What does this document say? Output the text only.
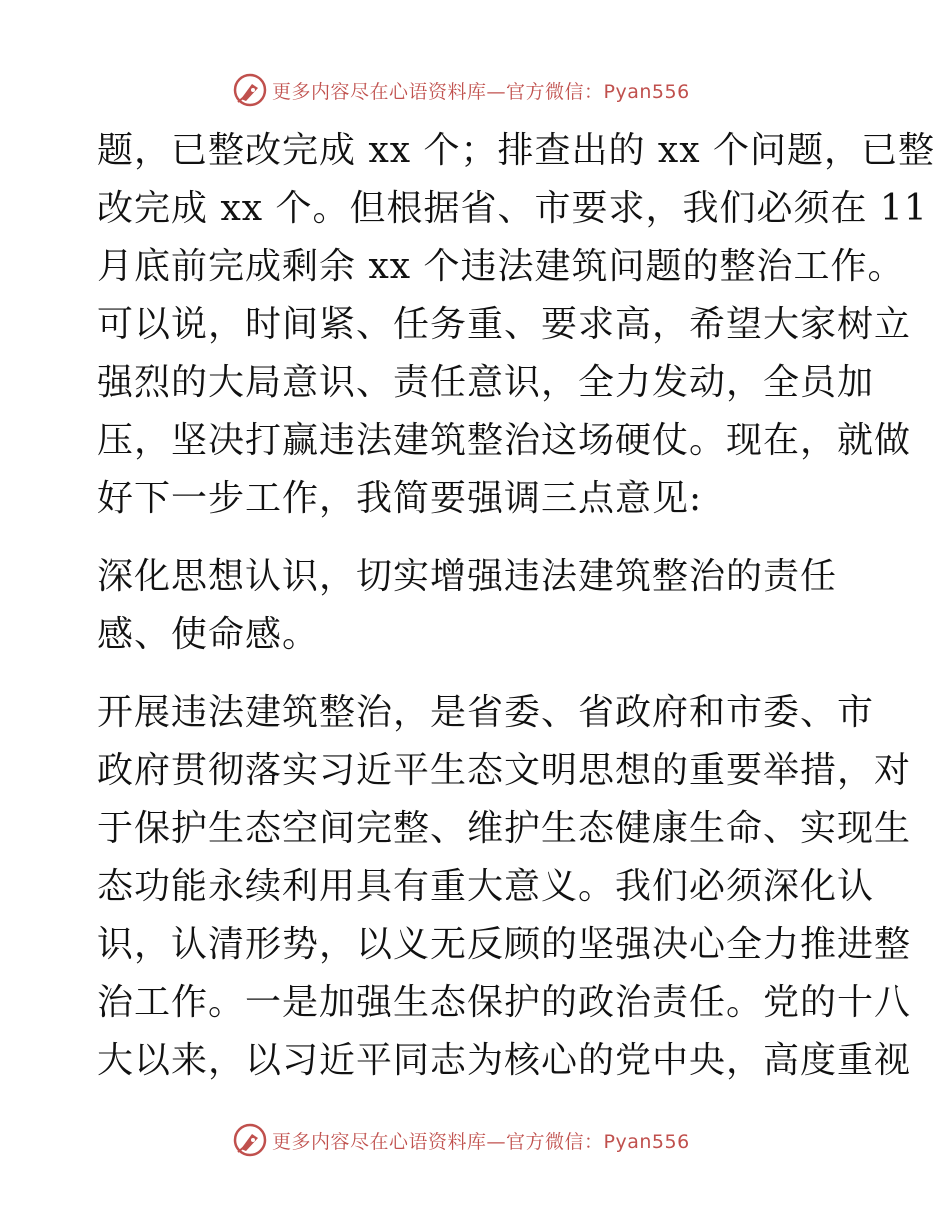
更多内容尽在心语资料库—官方微信：Pyan556
题，已整改完成 xx 个；排查出的 xx 个问题，已整
改完成 xx 个。但根据省、市要求，我们必须在 11
月底前完成剩余 xx 个违法建筑问题的整治工作。
可以说，时间紧、任务重、要求高，希望大家树立
强烈的大局意识、责任意识，全力发动，全员加
压，坚决打赢违法建筑整治这场硬仗。现在，就做
好下一步工作，我简要强调三点意见:
深化思想认识，切实增强违法建筑整治的责任
感、使命感。
开展违法建筑整治，是省委、省政府和市委、市
政府贯彻落实习近平生态文明思想的重要举措，对
于保护生态空间完整、维护生态健康生命、实现生
态功能永续利用具有重大意义。我们必须深化认
识，认清形势，以义无反顾的坚强决心全力推进整
治工作。一是加强生态保护的政治责任。党的十八
大以来，以习近平同志为核心的党中央，高度重视
更多内容尽在心语资料库—官方微信：Pyan556
